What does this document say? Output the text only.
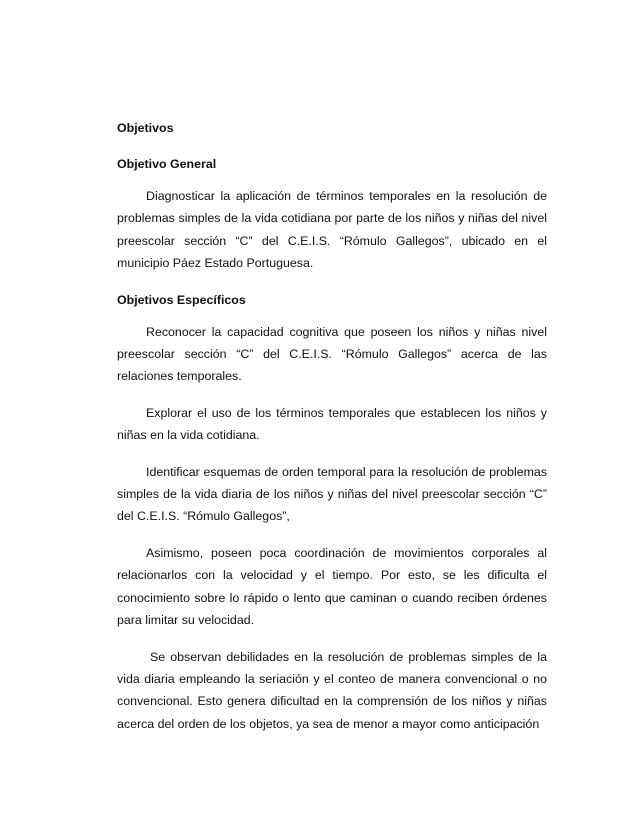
Objetivos
Objetivo General

Diagnosticar la aplicación de términos temporales en la resolución de problemas simples de la vida cotidiana por parte de los niños y niñas del nivel preescolar sección “C” del C.E.I.S. “Rómulo Gallegos”, ubicado en el municipio Páez Estado Portuguesa.

Objetivos Específicos

Reconocer la capacidad cognitiva que poseen los niños y niñas nivel preescolar sección “C” del C.E.I.S. “Rómulo Gallegos” acerca de las relaciones temporales.

Explorar el uso de los términos temporales que establecen los niños y niñas en la vida cotidiana.

Identificar esquemas de orden temporal para la resolución de problemas simples de la vida diaria de los niños y niñas del nivel preescolar sección “C” del C.E.I.S. “Rómulo Gallegos”,

Asimismo, poseen poca coordinación de movimientos corporales al relacionarlos con la velocidad y el tiempo. Por esto, se les dificulta el conocimiento sobre lo rápido o lento que caminan o cuando reciben órdenes para limitar su velocidad.

Se observan debilidades en la resolución de problemas simples de la vida diaria empleando la seriación y el conteo de manera convencional o no convencional. Esto genera dificultad en la comprensión de los niños y niñas acerca del orden de los objetos, ya sea de menor a mayor como anticipación
